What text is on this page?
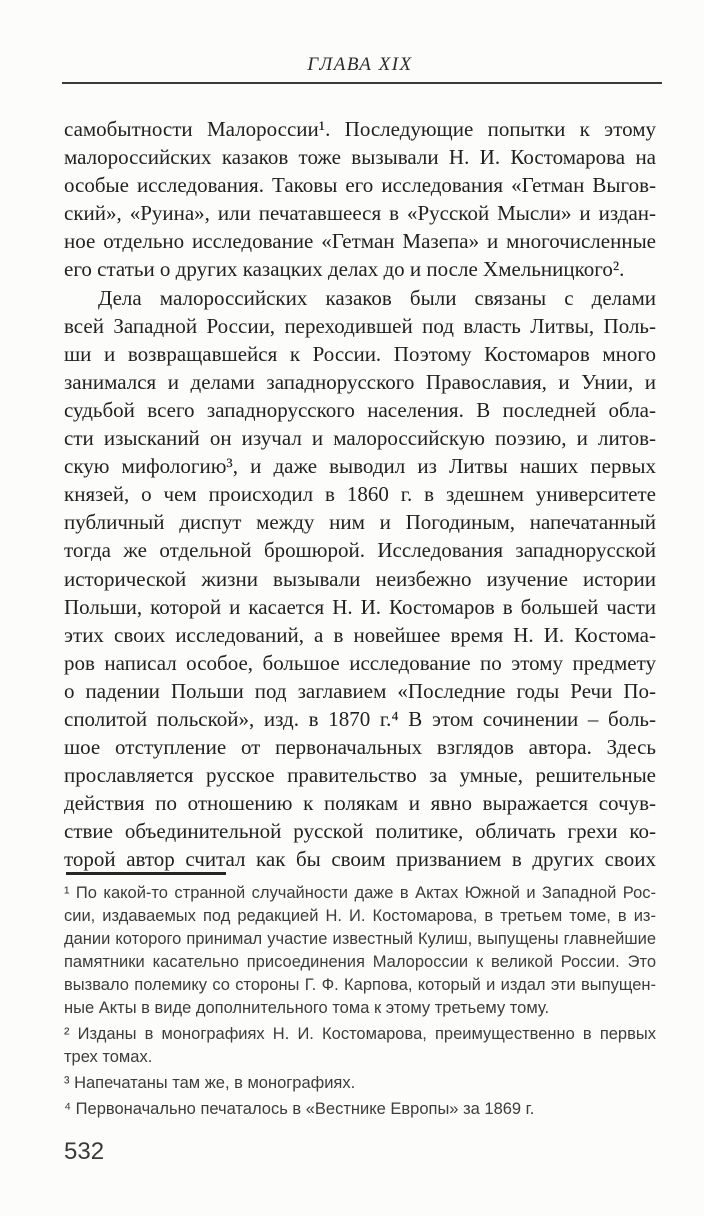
ГЛАВА XIX
самобытности Малороссии¹. Последующие попытки к этому
малороссийских казаков тоже вызывали Н. И. Костомарова на
особые исследования. Таковы его исследования «Гетман Выгов-
ский», «Руина», или печатавшееся в «Русской Мысли» и издан-
ное отдельно исследование «Гетман Мазепа» и многочисленные
его статьи о других казацких делах до и после Хмельницкого².
Дела малороссийских казаков были связаны с делами
всей Западной России, переходившей под власть Литвы, Поль-
ши и возвращавшейся к России. Поэтому Костомаров много
занимался и делами западнорусского Православия, и Унии, и
судьбой всего западнорусского населения. В последней обла-
сти изысканий он изучал и малороссийскую поэзию, и литов-
скую мифологию³, и даже выводил из Литвы наших первых
князей, о чем происходил в 1860 г. в здешнем университете
публичный диспут между ним и Погодиным, напечатанный
тогда же отдельной брошюрой. Исследования западнорусской
исторической жизни вызывали неизбежно изучение истории
Польши, которой и касается Н. И. Костомаров в большей части
этих своих исследований, а в новейшее время Н. И. Костома-
ров написал особое, большое исследование по этому предмету
о падении Польши под заглавием «Последние годы Речи По-
сполитой польской», изд. в 1870 г.⁴ В этом сочинении – боль-
шое отступление от первоначальных взглядов автора. Здесь
прославляется русское правительство за умные, решительные
действия по отношению к полякам и явно выражается сочув-
ствие объединительной русской политике, обличать грехи ко-
торой автор считал как бы своим призванием в других своих
¹ По какой-то странной случайности даже в Актах Южной и Западной Рос-
сии, издаваемых под редакцией Н. И. Костомарова, в третьем томе, в из-
дании которого принимал участие известный Кулиш, выпущены главнейшие
памятники касательно присоединения Малороссии к великой России. Это
вызвало полемику со стороны Г. Ф. Карпова, который и издал эти выпущен-
ные Акты в виде дополнительного тома к этому третьему тому.
² Изданы в монографиях Н. И. Костомарова, преимущественно в первых
трех томах.
³ Напечатаны там же, в монографиях.
⁴ Первоначально печаталось в «Вестнике Европы» за 1869 г.
532
